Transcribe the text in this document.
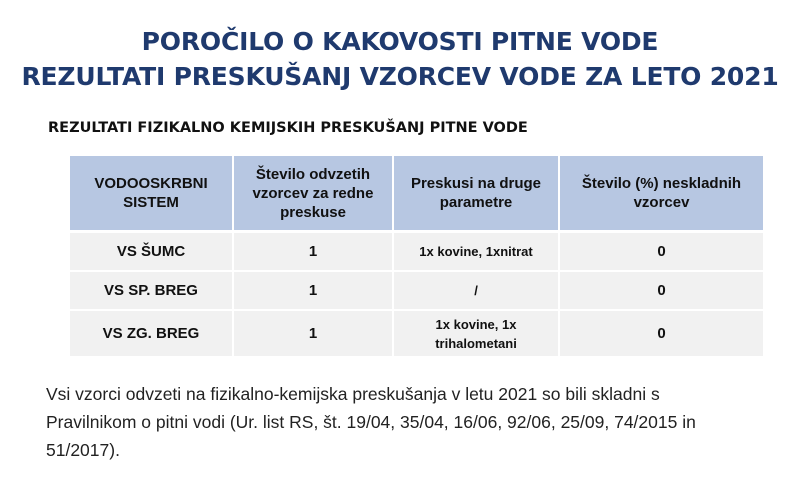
POROČILO O KAKOVOSTI PITNE VODE
REZULTATI PRESKUŠANJ VZORCEV VODE ZA LETO 2021
REZULTATI FIZIKALNO KEMIJSKIH PRESKUŠANJ PITNE VODE
VODOOSKRBNI SISTEM	Število odvzetih vzorcev za redne preskuse	Preskusi na druge parametre	Število (%) neskladnih vzorcev
VS ŠUMC	1	1x kovine, 1xnitrat	0
VS SP. BREG	1	/	0
VS ZG. BREG	1	1x kovine, 1x trihalometani	0
Vsi vzorci odvzeti na fizikalno-kemijska preskušanja v letu 2021 so bili skladni s Pravilnikom o pitni vodi (Ur. list RS, št. 19/04, 35/04, 16/06, 92/06, 25/09, 74/2015 in 51/2017).
